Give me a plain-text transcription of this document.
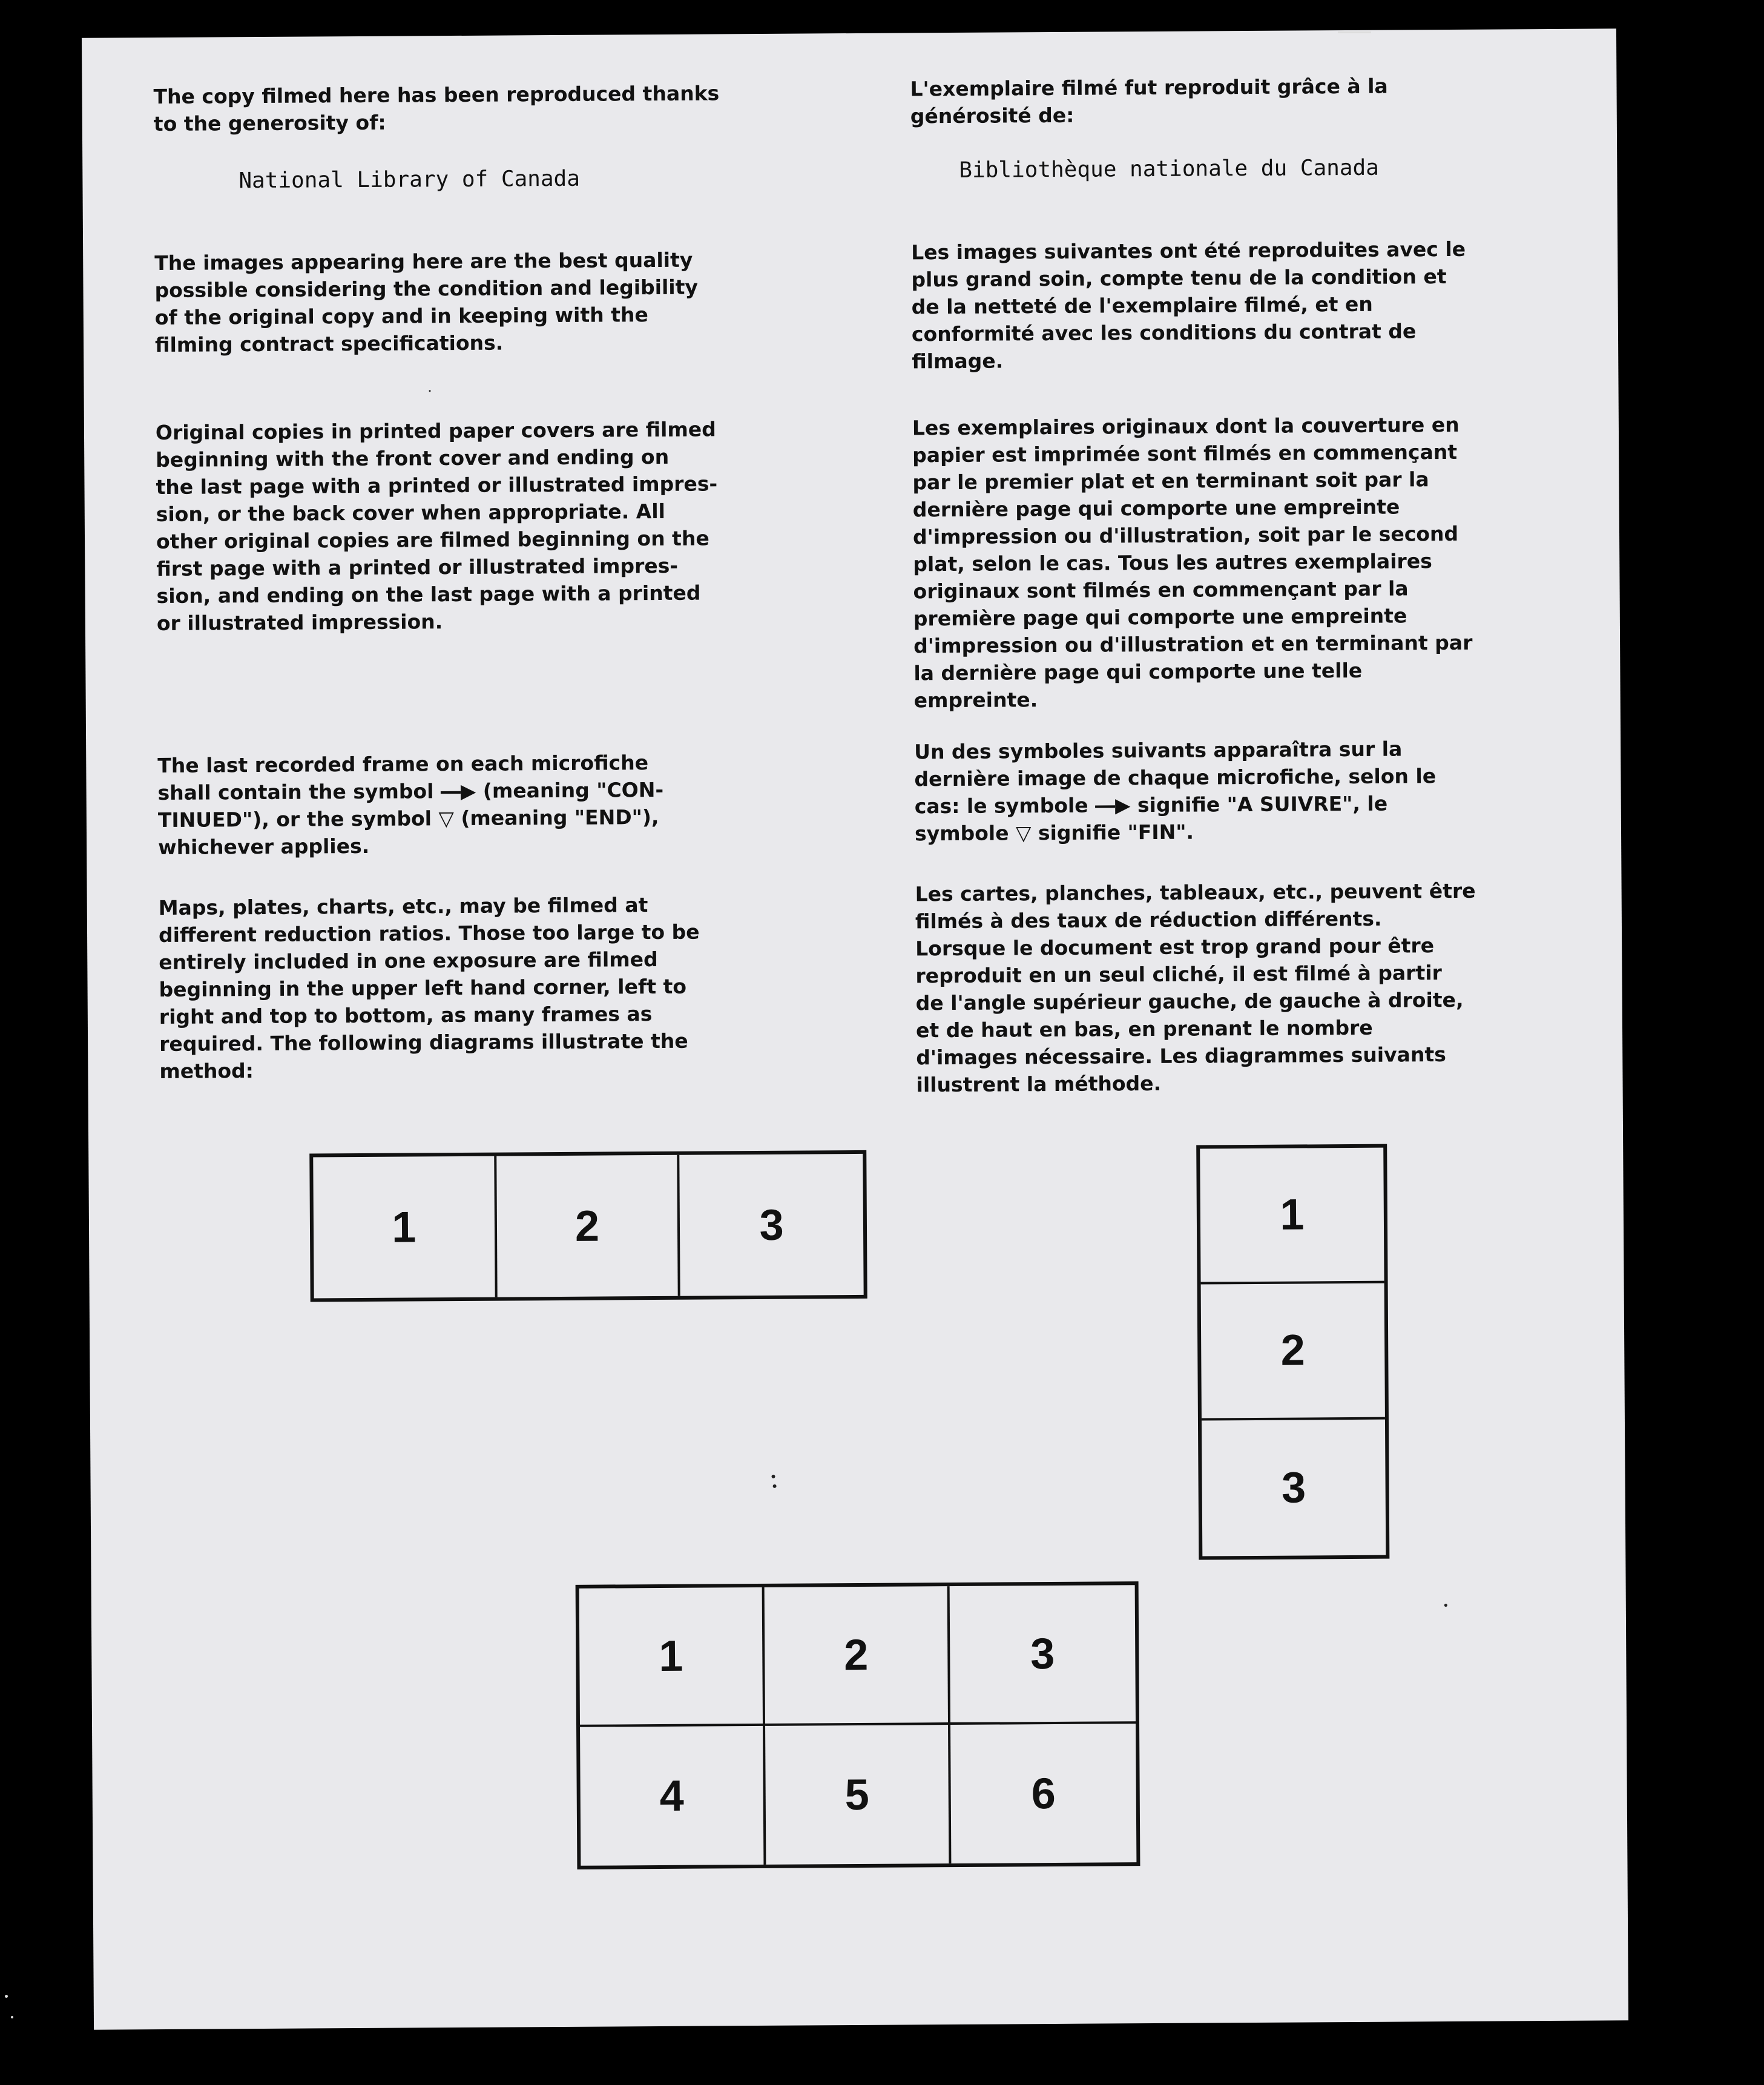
The copy filmed here has been reproduced thanks
to the generosity of:

National Library of Canada

The images appearing here are the best quality
possible considering the condition and legibility
of the original copy and in keeping with the
filming contract specifications.

Original copies in printed paper covers are filmed
beginning with the front cover and ending on
the last page with a printed or illustrated impres-
sion, or the back cover when appropriate. All
other original copies are filmed beginning on the
first page with a printed or illustrated impres-
sion, and ending on the last page with a printed
or illustrated impression.

The last recorded frame on each microfiche
shall contain the symbol ―▶ (meaning "CON-
TINUED"), or the symbol ▽ (meaning "END"),
whichever applies.

Maps, plates, charts, etc., may be filmed at
different reduction ratios. Those too large to be
entirely included in one exposure are filmed
beginning in the upper left hand corner, left to
right and top to bottom, as many frames as
required. The following diagrams illustrate the
method:

L'exemplaire filmé fut reproduit grâce à la
générosité de:

Bibliothèque nationale du Canada

Les images suivantes ont été reproduites avec le
plus grand soin, compte tenu de la condition et
de la netteté de l'exemplaire filmé, et en
conformité avec les conditions du contrat de
filmage.

Les exemplaires originaux dont la couverture en
papier est imprimée sont filmés en commençant
par le premier plat et en terminant soit par la
dernière page qui comporte une empreinte
d'impression ou d'illustration, soit par le second
plat, selon le cas. Tous les autres exemplaires
originaux sont filmés en commençant par la
première page qui comporte une empreinte
d'impression ou d'illustration et en terminant par
la dernière page qui comporte une telle
empreinte.

Un des symboles suivants apparaîtra sur la
dernière image de chaque microfiche, selon le
cas: le symbole ―▶ signifie "A SUIVRE", le
symbole ▽ signifie "FIN".

Les cartes, planches, tableaux, etc., peuvent être
filmés à des taux de réduction différents.
Lorsque le document est trop grand pour être
reproduit en un seul cliché, il est filmé à partir
de l'angle supérieur gauche, de gauche à droite,
et de haut en bas, en prenant le nombre
d'images nécessaire. Les diagrammes suivants
illustrent la méthode.

1	2	3	1
2
3
1	2	3
4	5	6
